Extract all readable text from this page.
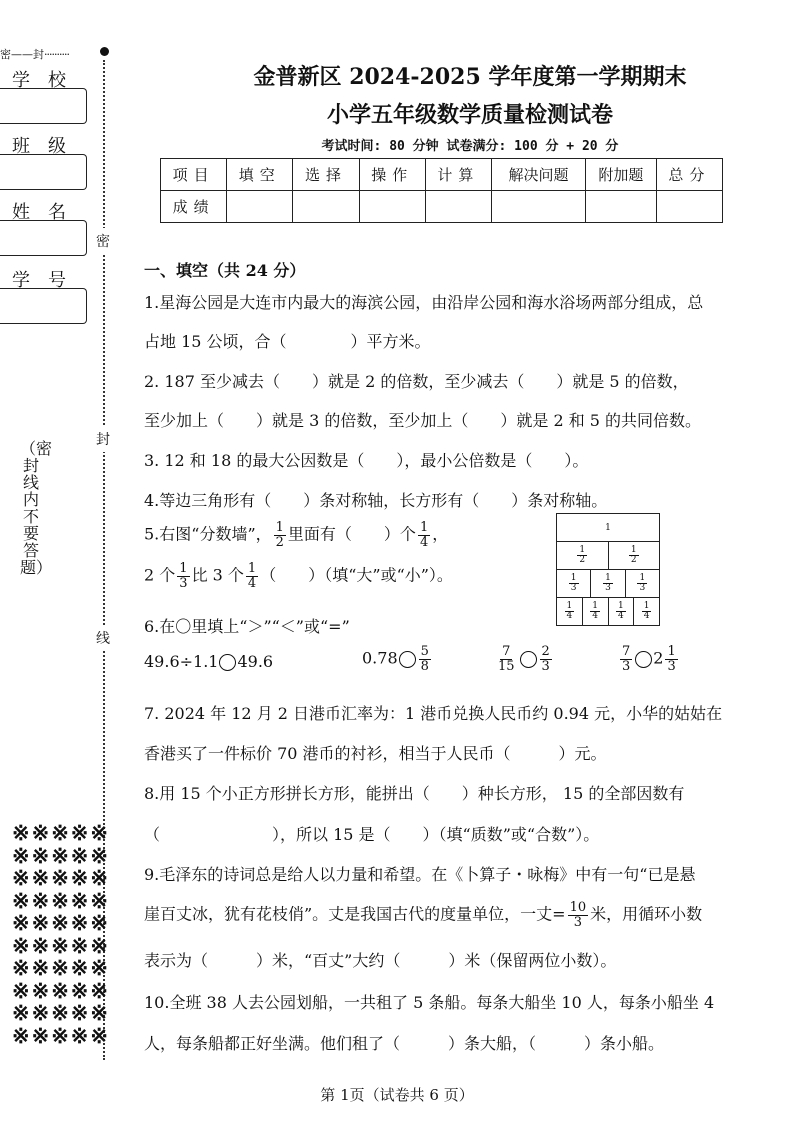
密——封··········
密
封
线
学校
班级
姓名
学号
（密封线内不要答题）
※※※※※※※※※※※※※※※※※※※※※※※※※※※※※※※※※※※※※※※※※※※※※※※※※※
金普新区 2024-2025 学年度第一学期期末
小学五年级数学质量检测试卷
考试时间: 80 分钟 试卷满分: 100 分 + 20 分
项目	填空	选择	操作	计算	解决问题	附加题	总分
成绩							
一、填空（共 24 分）
1.星海公园是大连市内最大的海滨公园，由沿岸公园和海水浴场两部分组成，总
占地 15 公顷，合（　　　　）平方米。
2. 187 至少减去（　　）就是 2 的倍数，至少减去（　　）就是 5 的倍数，
至少加上（　　）就是 3 的倍数，至少加上（　　）就是 2 和 5 的共同倍数。
3. 12 和 18 的最大公因数是（　　），最小公倍数是（　　）。
4.等边三角形有（　　）条对称轴，长方形有（　　）条对称轴。
5.右图“分数墙”， $\frac{1}{2}$ 里面有（　　）个 $\frac{1}{4}$ ，
2 个 $\frac{1}{3}$ 比 3 个 $\frac{1}{4}$ （　　）（填“大”或“小”）。
1
$\frac{1}{2}$	$\frac{1}{2}$
$\frac{1}{3}$	$\frac{1}{3}$	$\frac{1}{3}$
$\frac{1}{4} \frac{1}{4} \frac{1}{4} \frac{1}{4}$
6.在〇里填上“＞”“＜”或“=”
49.6÷1.1 49.6	$0.78 \frac{5}{8}$	$\frac{7}{15} \frac{2}{3}$	$\frac{7}{3} 2 \frac{1}{3}$
7. 2024 年 12 月 2 日港币汇率为：1 港币兑换人民币约 0.94 元，小华的姑姑在
香港买了一件标价 70 港币的衬衫，相当于人民币（　　　）元。
8.用 15 个小正方形拼长方形，能拼出（　　）种长方形， 15 的全部因数有
（　　　　　　　），所以 15 是（　　）（填“质数”或“合数”）。
9.毛泽东的诗词总是给人以力量和希望。在《卜算子・咏梅》中有一句“已是悬
崖百丈冰，犹有花枝俏”。丈是我国古代的度量单位，一丈= $\frac{10}{3}$ 米，用循环小数
表示为（　　　）米，“百丈”大约（　　　）米（保留两位小数）。
10.全班 38 人去公园划船，一共租了 5 条船。每条大船坐 10 人，每条小船坐 4
人，每条船都正好坐满。他们租了（　　　）条大船，（　　　）条小船。
第 1页（试卷共 6 页）
